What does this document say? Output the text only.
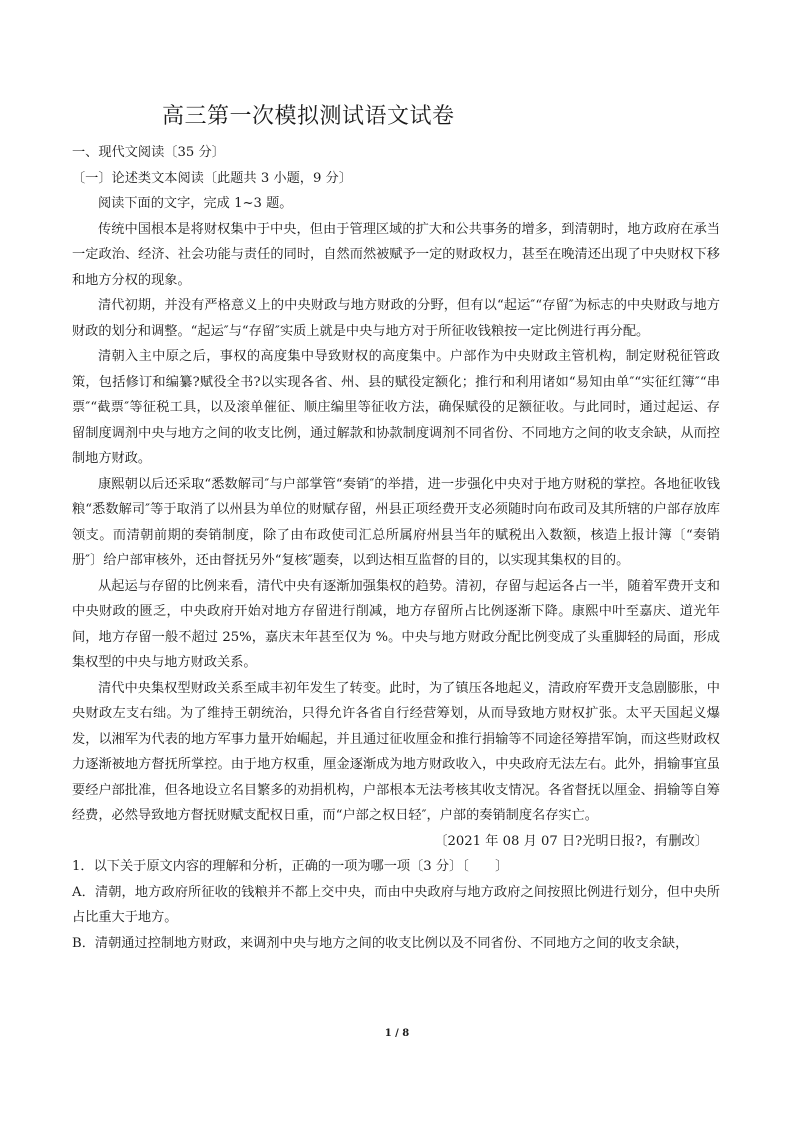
高三第一次模拟测试语文试卷

一、现代文阅读〔35 分〕

〔一〕论述类文本阅读〔此题共 3 小题，9 分〕

阅读下面的文字，完成 1~3 题。

传统中国根本是将财权集中于中央，但由于管理区域的扩大和公共事务的增多，到清朝时，地方政府在承当一定政治、经济、社会功能与责任的同时，自然而然被赋予一定的财政权力，甚至在晚清还出现了中央财权下移和地方分权的现象。

清代初期，并没有严格意义上的中央财政与地方财政的分野，但有以“起运″“存留″为标志的中央财政与地方财政的划分和调整。“起运″与“存留″实质上就是中央与地方对于所征收钱粮按一定比例进行再分配。

清朝入主中原之后，事权的高度集中导致财权的高度集中。户部作为中央财政主管机构，制定财税征管政策，包括修订和编纂?赋役全书?以实现各省、州、县的赋役定额化；推行和利用诸如“易知由单″“实征红簿″“串票″“截票″等征税工具，以及滚单催征、顺庄编里等征收方法，确保赋役的足额征收。与此同时，通过起运、存留制度调剂中央与地方之间的收支比例，通过解款和协款制度调剂不同省份、不同地方之间的收支余缺，从而控制地方财政。

康熙朝以后还采取“悉数解司″与户部掌管“奏销″的举措，进一步强化中央对于地方财税的掌控。各地征收钱粮“悉数解司″等于取消了以州县为单位的财赋存留，州县正项经费开支必须随时向布政司及其所辖的户部存放库领支。而清朝前期的奏销制度，除了由布政使司汇总所属府州县当年的赋税出入数额，核造上报计簿〔“奏销册″〕给户部审核外，还由督抚另外“复核″题奏，以到达相互监督的目的，以实现其集权的目的。

从起运与存留的比例来看，清代中央有逐渐加强集权的趋势。清初，存留与起运各占一半，随着军费开支和中央财政的匮乏，中央政府开始对地方存留进行削减，地方存留所占比例逐渐下降。康熙中叶至嘉庆、道光年间，地方存留一般不超过 25%，嘉庆末年甚至仅为 %。中央与地方财政分配比例变成了头重脚轻的局面，形成集权型的中央与地方财政关系。

清代中央集权型财政关系至咸丰初年发生了转变。此时，为了镇压各地起义，清政府军费开支急剧膨胀，中央财政左支右绌。为了维持王朝统治，只得允许各省自行经营筹划，从而导致地方财权扩张。太平天国起义爆发，以湘军为代表的地方军事力量开始崛起，并且通过征收厘金和推行捐输等不同途径筹措军饷，而这些财政权力逐渐被地方督抚所掌控。由于地方权重，厘金逐渐成为地方财政收入，中央政府无法左右。此外，捐输事宜虽要经户部批准，但各地设立名目繁多的劝捐机构，户部根本无法考核其收支情况。各省督抚以厘金、捐输等自筹经费，必然导致地方督抚财赋支配权日重，而“户部之权日轻″，户部的奏销制度名存实亡。

〔2021 年 08 月 07 日?光明日报?，有删改〕

1．以下关于原文内容的理解和分析，正确的一项为哪一项〔3 分〕〔　　〕

A．清朝，地方政府所征收的钱粮并不都上交中央，而由中央政府与地方政府之间按照比例进行划分，但中央所占比重大于地方。

B．清朝通过控制地方财政，来调剂中央与地方之间的收支比例以及不同省份、不同地方之间的收支余缺，

1 / 8
